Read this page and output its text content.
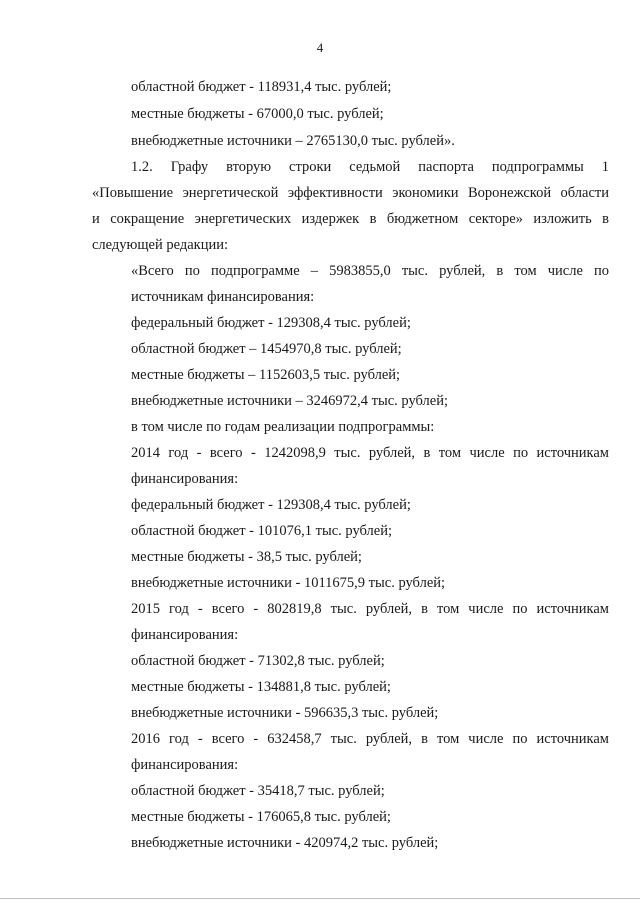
4
областной бюджет - 118931,4 тыс. рублей;
местные бюджеты - 67000,0 тыс. рублей;
внебюджетные источники – 2765130,0 тыс. рублей».
1.2. Графу вторую строки седьмой паспорта подпрограммы 1
«Повышение энергетической эффективности экономики Воронежской области
и сокращение энергетических издержек в бюджетном секторе» изложить в
следующей редакции:
«Всего по подпрограмме – 5983855,0 тыс. рублей, в том числе по
источникам финансирования:
федеральный бюджет - 129308,4 тыс. рублей;
областной бюджет – 1454970,8 тыс. рублей;
местные бюджеты – 1152603,5 тыс. рублей;
внебюджетные источники – 3246972,4 тыс. рублей;
в том числе по годам реализации подпрограммы:
2014 год - всего - 1242098,9 тыс. рублей, в том числе по источникам
финансирования:
федеральный бюджет - 129308,4 тыс. рублей;
областной бюджет - 101076,1 тыс. рублей;
местные бюджеты - 38,5 тыс. рублей;
внебюджетные источники - 1011675,9 тыс. рублей;
2015 год - всего - 802819,8 тыс. рублей, в том числе по источникам
финансирования:
областной бюджет - 71302,8 тыс. рублей;
местные бюджеты - 134881,8 тыс. рублей;
внебюджетные источники - 596635,3 тыс. рублей;
2016 год - всего - 632458,7 тыс. рублей, в том числе по источникам
финансирования:
областной бюджет - 35418,7 тыс. рублей;
местные бюджеты - 176065,8 тыс. рублей;
внебюджетные источники - 420974,2 тыс. рублей;
